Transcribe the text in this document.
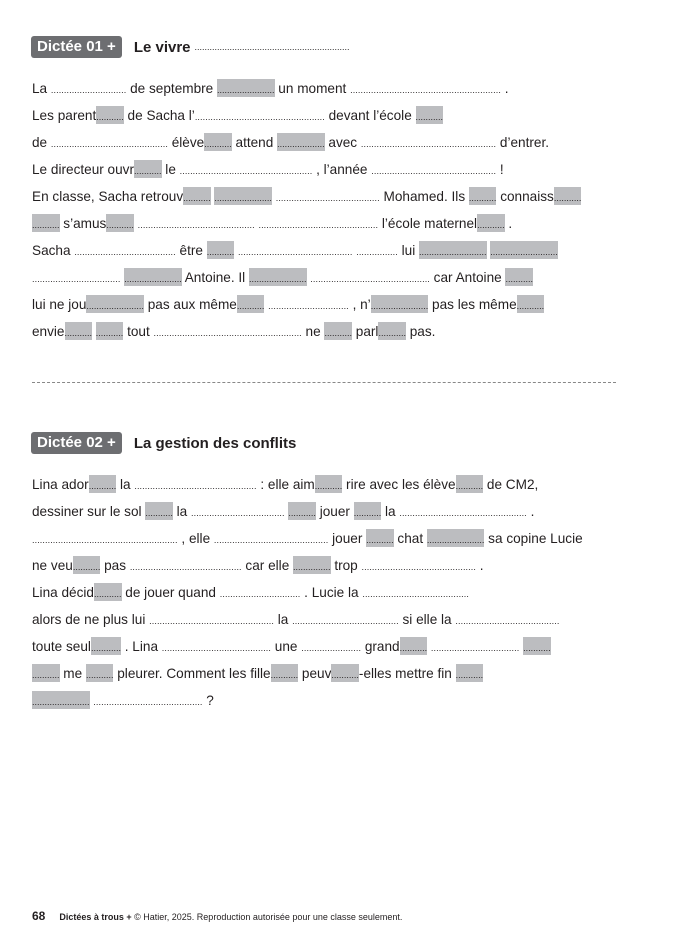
Dictée 01 +	Le vivre ..............................................................
La ............................. de septembre ....................... un moment .......................................................... .
Les parent........... de Sacha l’.................................................. devant l’école ...........
de ............................................. élève........... attend ................... avec .................................................... d’entrer.
Le directeur ouvr........... le ................................................... , l’année ................................................ !
En classe, Sacha retrouv........... ....................... ........................................ Mohamed. Ils ........... connaiss...........
........... s’amus........... ............................................. .............................................. l’école maternel........... .
Sacha ....................................... être ........... ............................................ ................ lui ........................... ...........................
.................................. ....................... Antoine. Il ....................... .............................................. car Antoine ...........
lui ne jou....................... pas aux même........... ............................... , n’....................... pas les même...........
envie........... ........... tout ......................................................... ne ........... parl........... pas.
Dictée 02 +	La gestion des conflits
Lina ador........... la ............................................... : elle aim........... rire avec les élève........... de CM2,
dessiner sur le sol ........... la .................................... ........... jouer ........... la ................................................. .
........................................................ , elle ............................................ jouer ........... chat ....................... sa copine Lucie
ne veu........... pas ........................................... car elle ............... trop ............................................ .
Lina décid........... de jouer quand ............................... . Lucie la .........................................
alors de ne plus lui ................................................ la ......................................... si elle la ........................................
toute seul............ . Lina .......................................... une ....................... grand........... .................................. ...........
........... me ........... pleurer. Comment les fille........... peuv...........-elles mettre fin ...........
....................... .......................................... ?
68 Dictées à trous + © Hatier, 2025. Reproduction autorisée pour une classe seulement.
